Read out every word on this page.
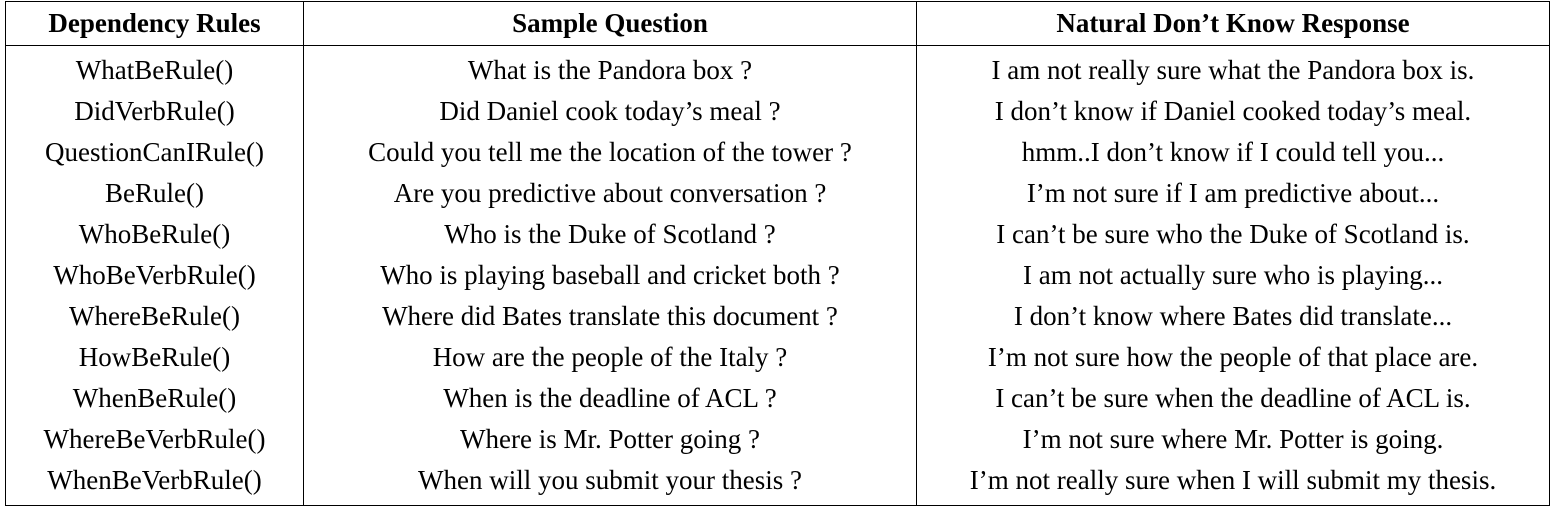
Dependency Rules	Sample Question	Natural Don’t Know Response
WhatBeRule()	What is the Pandora box ?	I am not really sure what the Pandora box is.
DidVerbRule()	Did Daniel cook today’s meal ?	I don’t know if Daniel cooked today’s meal.
QuestionCanIRule()	Could you tell me the location of the tower ?	hmm..I don’t know if I could tell you...
BeRule()	Are you predictive about conversation ?	I’m not sure if I am predictive about...
WhoBeRule()	Who is the Duke of Scotland ?	I can’t be sure who the Duke of Scotland is.
WhoBeVerbRule()	Who is playing baseball and cricket both ?	I am not actually sure who is playing...
WhereBeRule()	Where did Bates translate this document ?	I don’t know where Bates did translate...
HowBeRule()	How are the people of the Italy ?	I’m not sure how the people of that place are.
WhenBeRule()	When is the deadline of ACL ?	I can’t be sure when the deadline of ACL is.
WhereBeVerbRule()	Where is Mr. Potter going ?	I’m not sure where Mr. Potter is going.
WhenBeVerbRule()	When will you submit your thesis ?	I’m not really sure when I will submit my thesis.
